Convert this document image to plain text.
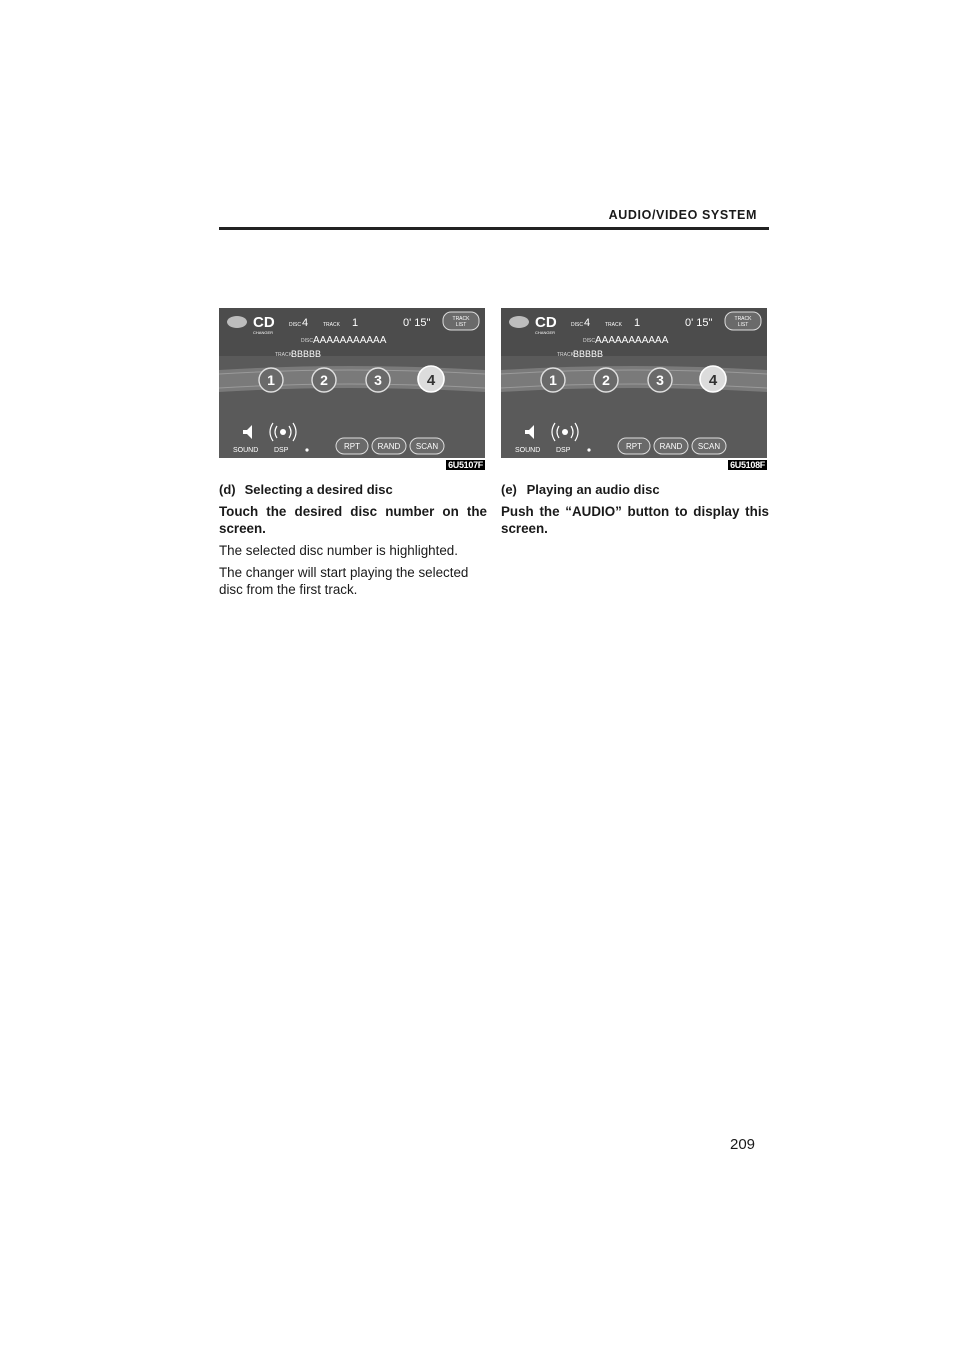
AUDIO/VIDEO SYSTEM
CD
CHANGER
DISC 4	TRACK 1	0' 15"	TRACK
LIST
DISC AAAAAAAAAAA
TRACK BBBBB
1	2	3	4
SOUND DSP	RPT RAND SCAN
6U5107F
(d) Selecting a desired disc

Touch the desired disc number on the screen.

The selected disc number is highlighted.

The changer will start playing the selected disc from the first track.

CD
CHANGER
DISC 4	TRACK 1	0' 15"	TRACK
LIST
DISC AAAAAAAAAAA
TRACK BBBBB
1	2	3	4
SOUND DSP	RPT RAND SCAN
6U5108F
(e) Playing an audio disc

Push the “AUDIO” button to display this screen.

209
